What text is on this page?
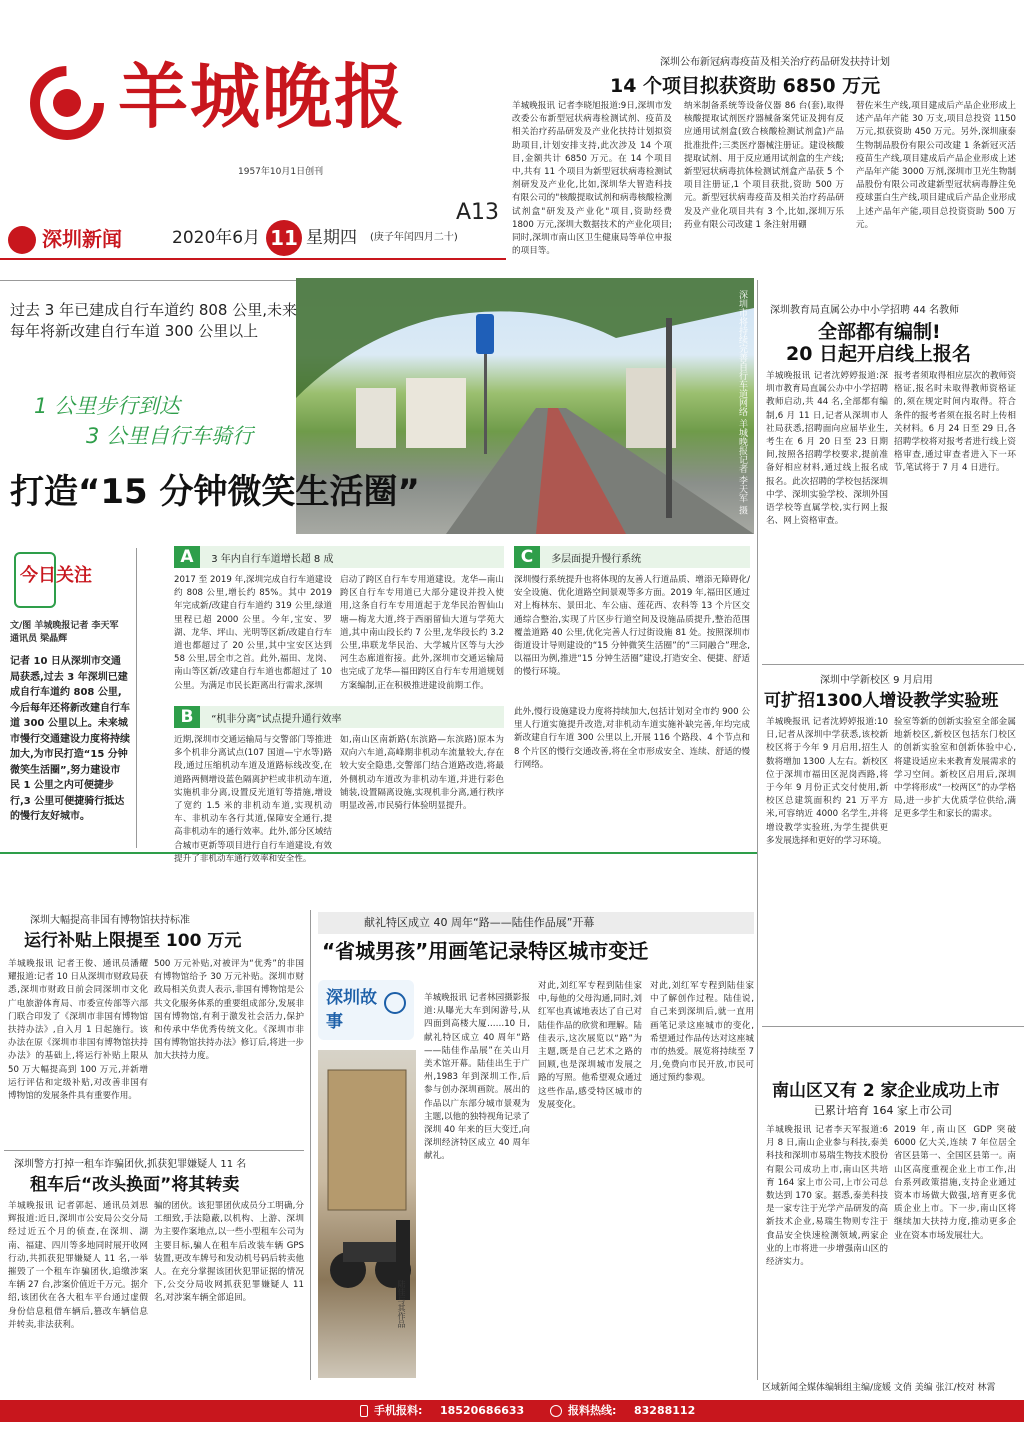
羊城晚报
1957年10月1日创刊
A13
深圳新闻	2020年6月 11 星期四 (庚子年闰四月二十)
深圳公布新冠病毒疫苗及相关治疗药品研发扶持计划
14 个项目拟获资助 6850 万元
羊城晚报讯 记者李晓旭报道:9日,深圳市发改委公布新型冠状病毒检测试剂、疫苗及相关治疗药品研发及产业化扶持计划拟资助项目,计划安排支持,此次涉及 14 个项目,金额共计 6850 万元。在 14 个项目中,共有 11 个项目为新型冠状病毒检测试剂研发及产业化,比如,深圳华大智造科技有限公司的"核酸提取试剂和病毒核酸检测试剂盒"研发及产业化"项目,资助经费 1800 万元,深圳大数据技术的产业化项目;同时,深圳市南山区卫生健康局等单位申报的项目等。
纳米制备系统等设备仪器 86 台(套),取得核酸提取试剂医疗器械备案凭证及拥有反应通用试剂盒(致合核酸检测试剂盒)产品批准批件;三类医疗器械注册证。建设核酸提取试剂、用于反应通用试剂盒的生产线;新型冠状病毒抗体检测试剂盒产品获 5 个项目注册证,1 个项目获批,资助 500 万元。新型冠状病毒疫苗及相关治疗药品研发及产业化项目共有 3 个,比如,深圳万乐药业有限公司改建 1 条注射用硼
替佐米生产线,项目建成后产品企业形成上述产品年产能 30 万支,项目总投资 1150 万元,拟获资助 450 万元。另外,深圳康泰生物制品股份有限公司改建 1 条新冠灭活疫苗生产线,项目建成后产品企业形成上述产品年产能 3000 万剂,深圳市卫光生物制品股份有限公司改建新型冠状病毒静注免疫球蛋白生产线,项目建成后产品企业形成上述产品年产能,项目总投资资助 500 万元。
深圳市将持续完善自行车道网络 羊城晚报记者 李天军 摄
过去 3 年已建成自行车道约 808 公里,未来每年将新改建自行车道 300 公里以上
1 公里步行到达
3 公里自行车骑行
打造“15 分钟微笑生活圈”
今日关注
文/图 羊城晚报记者 李天军 通讯员 梁晶辉
记者 10 日从深圳市交通局获悉,过去 3 年深圳已建成自行车道约 808 公里,今后每年还将新改建自行车道 300 公里以上。未来城市慢行交通建设力度将持续加大,为市民打造“15 分钟微笑生活圈”,努力建设市民 1 公里之内可便捷步行,3 公里可便捷骑行抵达的慢行友好城市。
A 3 年内自行车道增长超 8 成
2017 至 2019 年,深圳完成自行车道建设约 808 公里,增长约 85%。其中 2019 年完成新/改建自行车道约 319 公里,绿道里程已超 2000 公里。今年,宝安、罗湖、龙华、坪山、光明等区新/改建自行车道也都超过了 20 公里,其中宝安区达到 58 公里,居全市之首。此外,福田、龙岗、南山等区新/改建自行车道也都超过了 10 公里。为满足市民长距离出行需求,深圳
启动了跨区自行车专用道建设。龙华—南山跨区自行车专用道已大部分建设并投入使用,这条自行车专用道起于龙华民治智仙山塘—梅龙大道,终于西丽留仙大道与学苑大道,其中南山段长约 7 公里,龙华段长约 3.2 公里,串联龙华民治、大学城片区等与大沙河生态廊道衔接。此外,深圳市交通运输局也完成了龙华—福田跨区自行车专用道规划方案编制,正在积极推进建设前期工作。
B “机非分离”试点提升通行效率
近期,深圳市交通运输局与交警部门等推进多个机非分离试点(107 国道—宁水等)路段,通过压缩机动车道及道路标线改变,在道路两侧增设蓝色隔离护栏或非机动车道,实施机非分离,设置反光道钉等措施,增设了宽约 1.5 米的非机动车道,实现机动车、非机动车各行其道,保障安全通行,提高非机动车的通行效率。此外,部分区域结合城市更新等项目进行自行车道建设,有效提升了非机动车通行效率和安全性。
如,南山区南新路(东滨路—东滨路)原本为双向六车道,高峰期非机动车流量较大,存在较大安全隐患,交警部门结合道路改造,将最外侧机动车道改为非机动车道,并进行彩色铺装,设置隔离设施,实现机非分离,通行秩序明显改善,市民骑行体验明显提升。
C 多层面提升慢行系统
深圳慢行系统提升也将体现的友善人行道品质、增添无障碍化/安全设施、优化道路空间景观等多方面。2019 年,福田区通过对上梅林东、景田北、车公庙、莲花西、农科等 13 个片区交通综合整治,实现了片区步行道空间及设施品质提升,整治范围覆盖道路 40 公里,优化完善人行过街设施 81 处。按照深圳市街道设计导则建设的“15 分钟微笑生活圈”的“三同融合”理念,以福田为例,推进“15 分钟生活圈”建设,打造安全、便捷、舒适的慢行环境。
此外,慢行设施建设力度将持续加大,包括计划对全市约 900 公里人行道实施提升改造,对非机动车道实施补缺完善,年均完成新改建自行车道 300 公里以上,开展 116 个路段、4 个节点和 8 个片区的慢行交通改善,将在全市形成安全、连续、舒适的慢行网络。
深圳教育局直属公办中小学招聘 44 名教师
全部都有编制!
20 日起开启线上报名
羊城晚报讯 记者沈婷婷报道:深圳市教育局直属公办中小学招聘教师启动,共 44 名,全部都有编制,6 月 11 日,记者从深圳市人社局获悉,招聘面向应届毕业生,考生在 6 月 20 日至 23 日期间,按照各招聘学校要求,提前准备好相应材料,通过线上报名成报名。此次招聘的学校包括深圳中学、深圳实验学校、深圳外国语学校等直属学校,实行网上报名、网上资格审查。
报考者须取得相应层次的教师资格证,报名时未取得教师资格证的,须在规定时间内取得。符合条件的报考者须在报名时上传相关材料。6 月 24 日至 29 日,各招聘学校将对报考者进行线上资格审查,通过审查者进入下一环节,笔试将于 7 月 4 日进行。
深圳中学新校区 9 月启用
可扩招1300人增设教学实验班
羊城晚报讯 记者沈婷婷报道:10 日,记者从深圳中学获悉,该校新校区将于今年 9 月启用,招生人数将增加 1300 人左右。新校区位于深圳市福田区泥岗西路,将于今年 9 月份正式交付使用,新校区总建筑面积约 21 万平方米,可容纳近 4000 名学生,并将增设教学实验班,为学生提供更多发展选择和更好的学习环境。
验室等新的创新实验室全部金属地新校区,新校区包括东门校区的创新实验室和创新体验中心,将建设适应未来教育发展需求的学习空间。新校区启用后,深圳中学将形成“一校两区”的办学格局,进一步扩大优质学位供给,满足更多学生和家长的需求。
南山区又有 2 家企业成功上市
已累计培育 164 家上市公司
羊城晚报讯 记者李天军报道:6 月 8 日,南山企业参与科技,泰美科技和深圳市易瑞生物技术股份有限公司成功上市,南山区共培育 164 家上市公司,上市公司总数达到 170 家。据悉,泰美科技是一家专注于光学产品研发的高新技术企业,易瑞生物则专注于食品安全快速检测领域,两家企业的上市将进一步增强南山区的经济实力。
2019 年,南山区 GDP 突破 6000 亿大关,连续 7 年位居全省区县第一、全国区县第一。南山区高度重视企业上市工作,出台系列政策措施,支持企业通过资本市场做大做强,培育更多优质企业上市。下一步,南山区将继续加大扶持力度,推动更多企业在资本市场发展壮大。
深圳大幅提高非国有博物馆扶持标准
运行补贴上限提至 100 万元
羊城晚报讯 记者王俊、通讯员潘耀耀报道:记者 10 日从深圳市财政局获悉,深圳市财政日前会同深圳市文化广电旅游体育局、市委宣传部等六部门联合印发了《深圳市非国有博物馆扶持办法》,自入月 1 日起施行。该办法在原《深圳市非国有博物馆扶持办法》的基础上,将运行补贴上限从 50 万大幅提高到 100 万元,并新增运行评估和定级补贴,对改善非国有博物馆的发展条件具有重要作用。
500 万元补贴,对被评为“优秀”的非国有博物馆给予 30 万元补贴。深圳市财政局相关负责人表示,非国有博物馆是公共文化服务体系的重要组成部分,发展非国有博物馆,有利于激发社会活力,保护和传承中华优秀传统文化。《深圳市非国有博物馆扶持办法》修订后,将进一步加大扶持力度。
深圳警方打掉一租车诈骗团伙,抓获犯罪嫌疑人 11 名
租车后“改头换面”将其转卖
羊城晚报讯 记者郭起、通讯员刘思辉报道:近日,深圳市公安局公交分局经过近五个月的侦查,在深圳、湖南、福建、四川等多地同时展开收网行动,共抓获犯罪嫌疑人 11 名,一举摧毁了一个租车诈骗团伙,追缴涉案车辆 27 台,涉案价值近千万元。据介绍,该团伙在各大租车平台通过虚假身份信息租借车辆后,篡改车辆信息并转卖,非法获利。
骗的团伙。该犯罪团伙成员分工明确,分工细致,手法隐蔽,以机构、上游、深圳为主要作案地点,以一些小型租车公司为主要目标,骗人在租车后改装车辆 GPS 装置,更改车牌号和发动机号码后转卖他人。在充分掌握该团伙犯罪证据的情况下,公交分局收网抓获犯罪嫌疑人 11 名,对涉案车辆全部追回。
献礼特区成立 40 周年“路——陆佳作品展”开幕
“省城男孩”用画笔记录特区城市变迁
深圳故事
陆佳与其作品
羊城晚报讯 记者林园摄影报道:从曝光大车到闲游号,从四面到高楼大厦……10 日,献礼特区成立 40 周年“路——陆佳作品展”在关山月美术馆开幕。陆佳出生于广州,1983 年到深圳工作,后参与创办深圳画院。展出的作品以广东部分城市景观为主题,以他的独特视角记录了深圳 40 年来的巨大变迁,向深圳经济特区成立 40 周年献礼。
对此,刘红军专程到陆佳家中,每他的父母沟通,同时,刘红军也真诚地表达了自己对陆佳作品的欣赏和理解。陆佳表示,这次展览以“路”为主题,既是自己艺术之路的回顾,也是深圳城市发展之路的写照。他希望观众通过这些作品,感受特区城市的发展变化。
对此,刘红军专程到陆佳家中了解创作过程。陆佳说,自己来到深圳后,就一直用画笔记录这座城市的变化,希望通过作品传达对这座城市的热爱。展览将持续至 7 月,免费向市民开放,市民可通过预约参观。
区域新闻全媒体编辑组主编/庞媛 文俏 美编 张江/校对 林霄
手机报料: 18520686633	报料热线: 83288112
